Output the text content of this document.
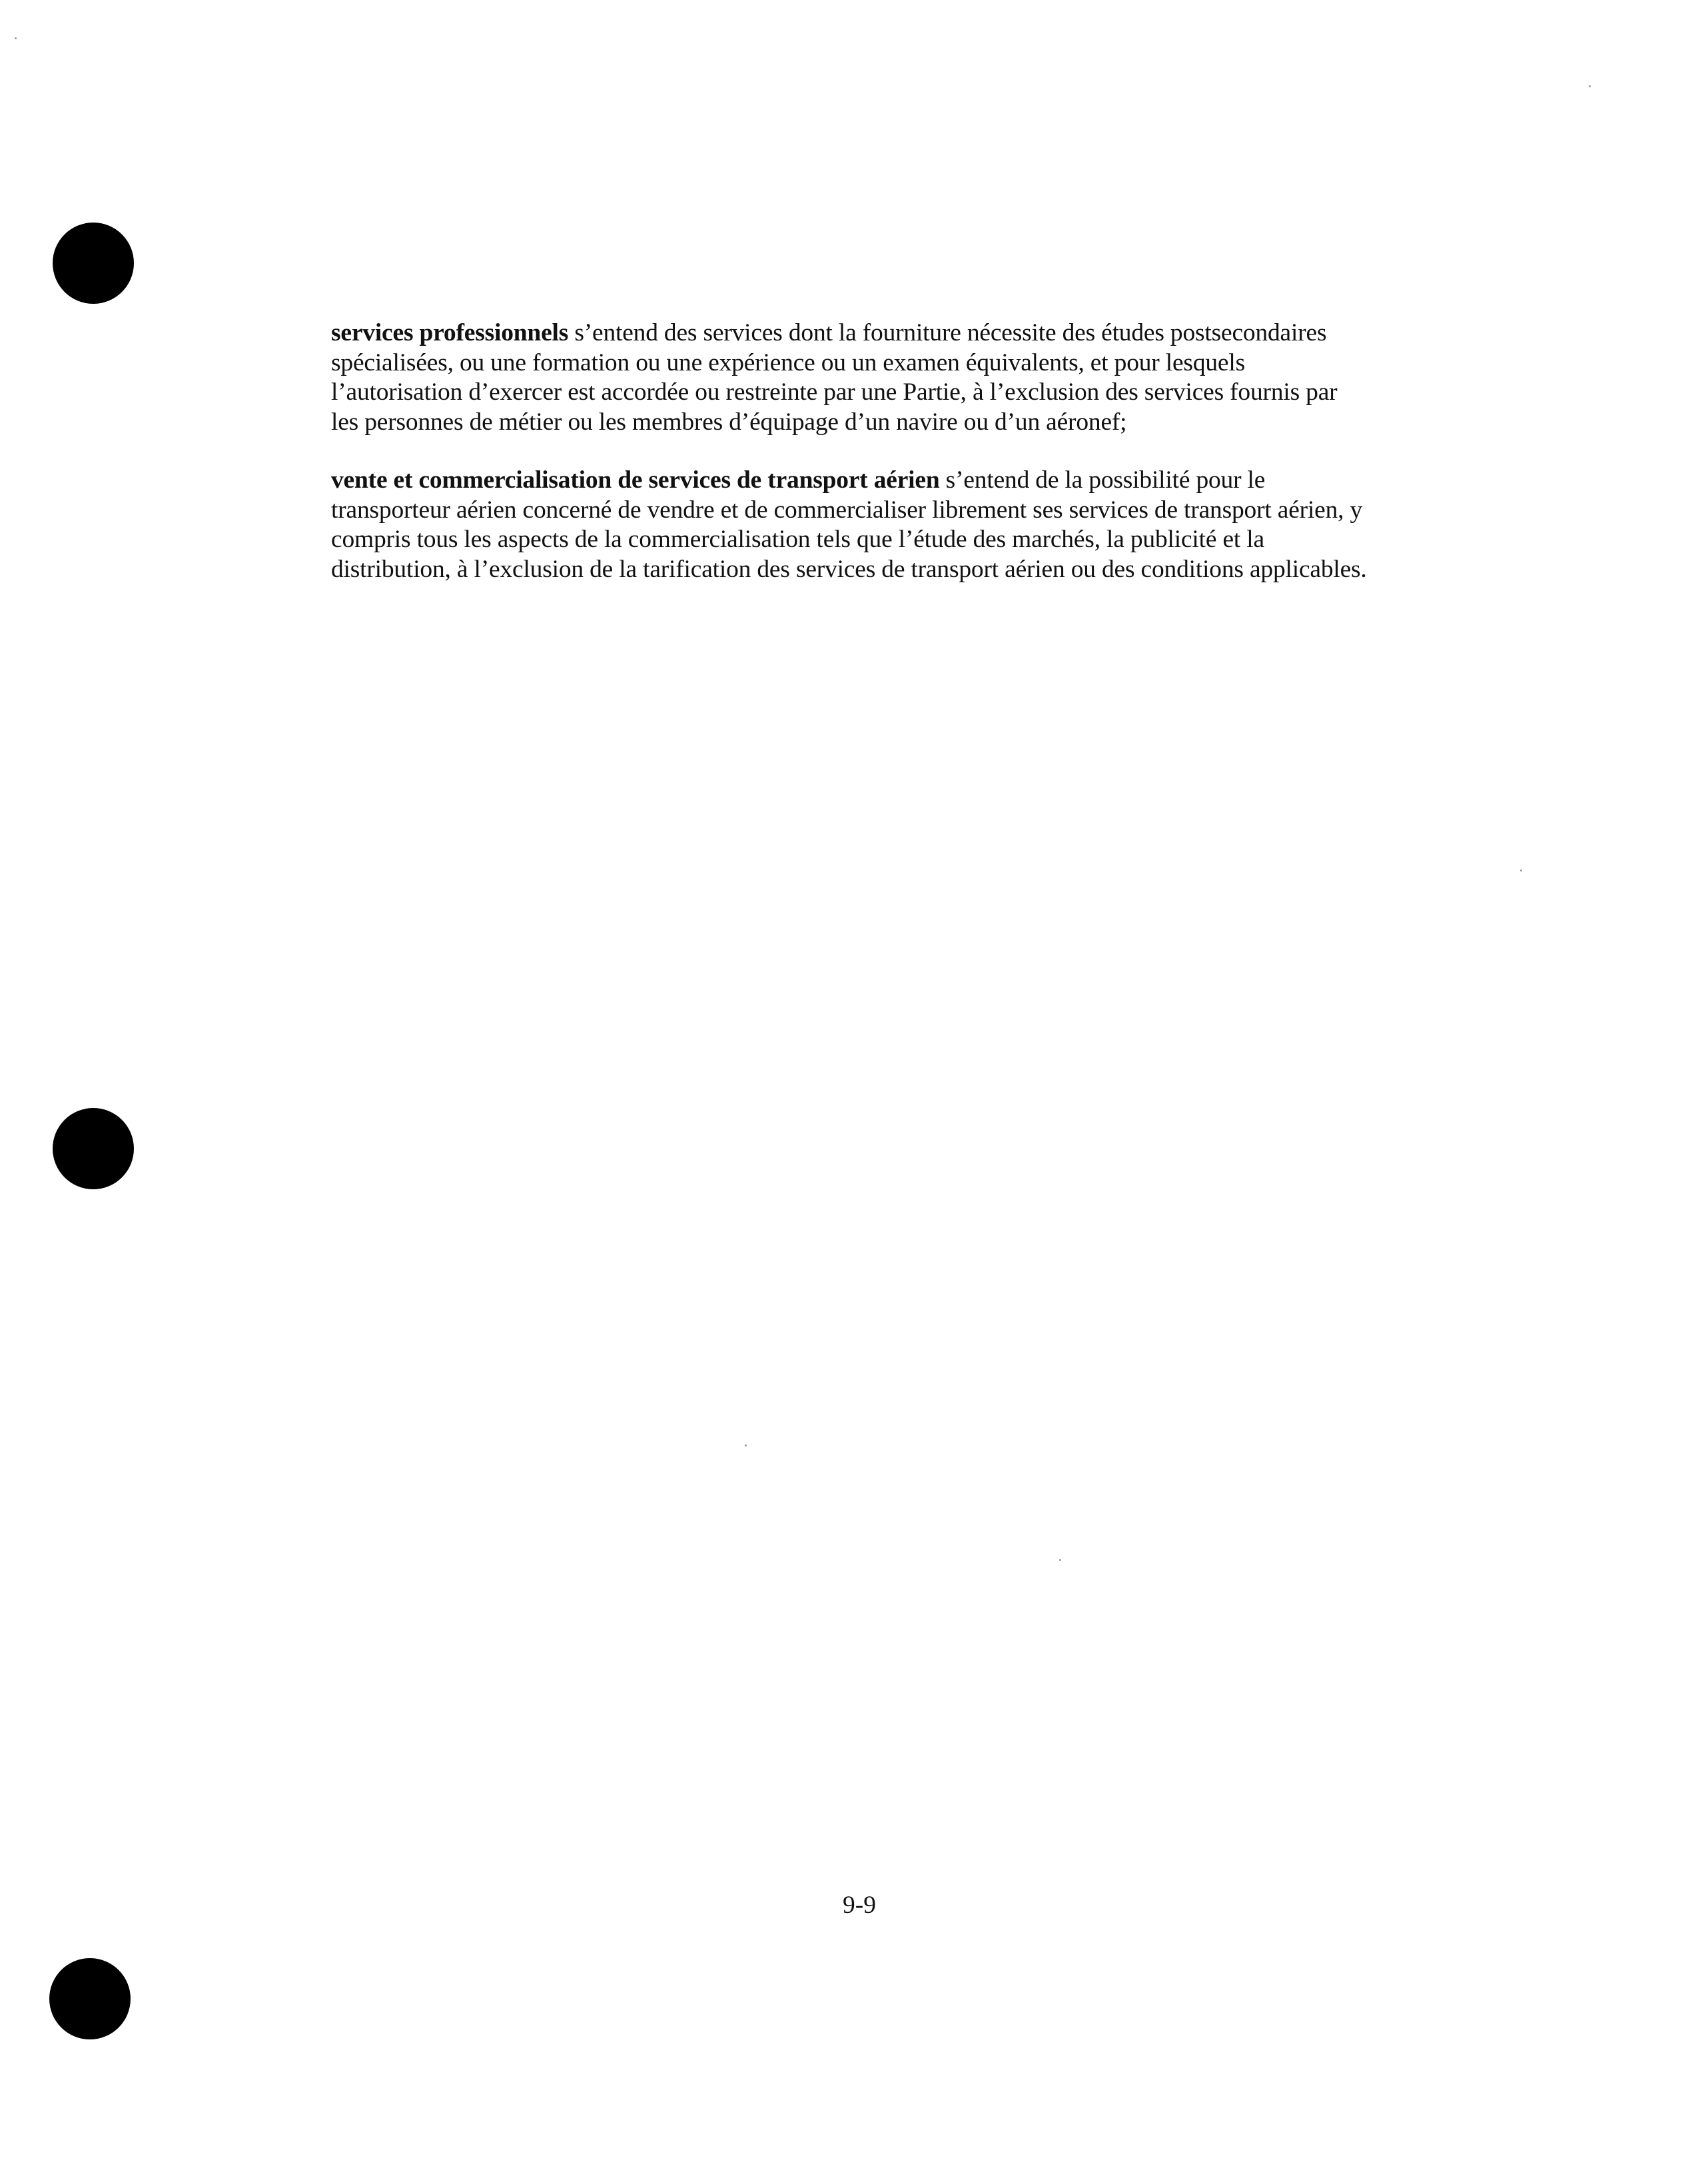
services professionnels s’entend des services dont la fourniture nécessite des études postsecondaires spécialisées, ou une formation ou une expérience ou un examen équivalents, et pour lesquels l’autorisation d’exercer est accordée ou restreinte par une Partie, à l’exclusion des services fournis par les personnes de métier ou les membres d’équipage d’un navire ou d’un aéronef;

vente et commercialisation de services de transport aérien s’entend de la possibilité pour le transporteur aérien concerné de vendre et de commercialiser librement ses services de transport aérien, y compris tous les aspects de la commercialisation tels que l’étude des marchés, la publicité et la distribution, à l’exclusion de la tarification des services de transport aérien ou des conditions applicables.

9-9
